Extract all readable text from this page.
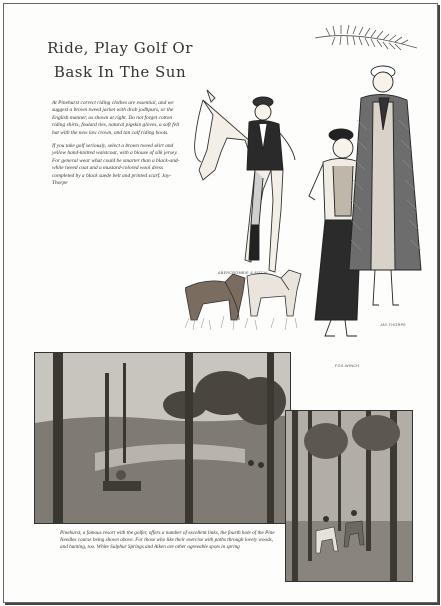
Ride, Play Golf Or
Bask In The Sun

At Pinehurst correct riding clothes are essential, and we suggest a brown tweed jacket with drab jodhpurs, or the English manner, as shown at right. Do not forget cotton riding shirts, foulard ties, natural pigskin gloves, a soft felt hat with the new low crown, and tan calf riding boots.

If you take golf seriously, select a brown tweed skirt and yellow hand-knitted waistcoat, with a blouse of silk jersey. For general wear what could be smarter than a black-and-white tweed coat and a mustard-colored wool dress completed by a black suede belt and printed scarf. Jay-Thorpe

ABERCROMBIE & FITCH
JAY-THORPE
FOX-WINCH
Pinehurst, a famous resort with the golfer, offers a number of excellent links, the fourth hole of the Pine Needles course being shown above. For those who like their exercise with paths through lovely woods, and hunting, too. White Sulphur Springs and Aiken are other agreeable spots in spring
